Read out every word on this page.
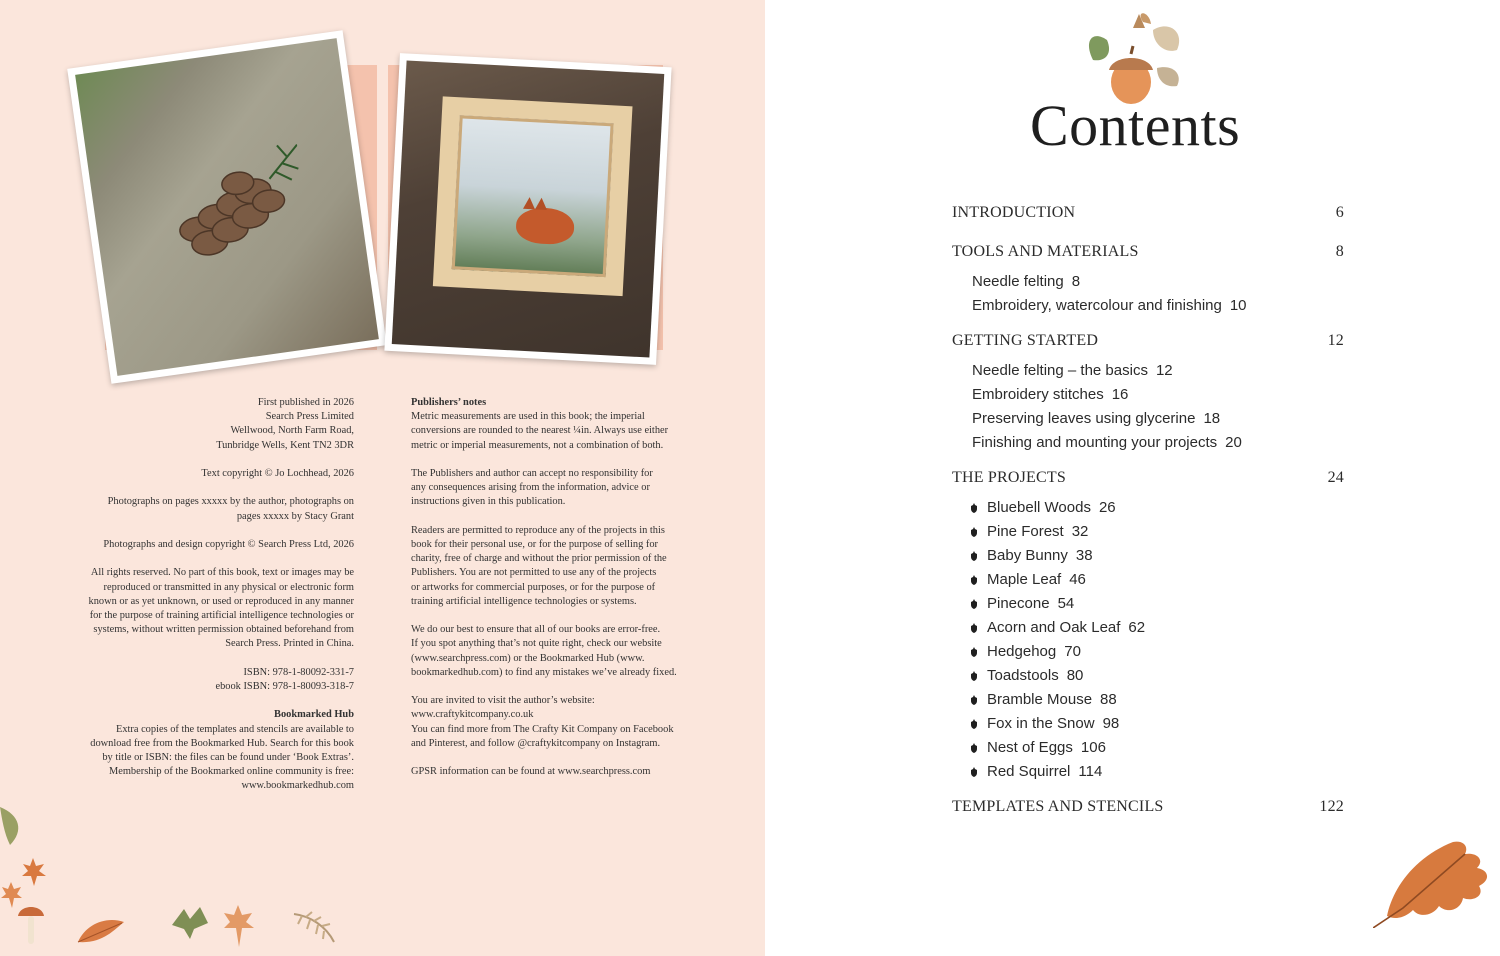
First published in 2026
Search Press Limited
Wellwood, North Farm Road,
Tunbridge Wells, Kent TN2 3DR

Text copyright © Jo Lochhead, 2026

Photographs on pages xxxxx by the author, photographs on
pages xxxxx by Stacy Grant

Photographs and design copyright © Search Press Ltd, 2026

All rights reserved. No part of this book, text or images may be
reproduced or transmitted in any physical or electronic form
known or as yet unknown, or used or reproduced in any manner
for the purpose of training artificial intelligence technologies or
systems, without written permission obtained beforehand from
Search Press. Printed in China.

ISBN: 978-1-80092-331-7
ebook ISBN: 978-1-80093-318-7

Bookmarked Hub

Extra copies of the templates and stencils are available to
download free from the Bookmarked Hub. Search for this book
by title or ISBN: the files can be found under ‘Book Extras’.
Membership of the Bookmarked online community is free:
www.bookmarkedhub.com

Publishers’ notes

Metric measurements are used in this book; the imperial
conversions are rounded to the nearest ¼in. Always use either
metric or imperial measurements, not a combination of both.

The Publishers and author can accept no responsibility for
any consequences arising from the information, advice or
instructions given in this publication.

Readers are permitted to reproduce any of the projects in this
book for their personal use, or for the purpose of selling for
charity, free of charge and without the prior permission of the
Publishers. You are not permitted to use any of the projects
or artworks for commercial purposes, or for the purpose of
training artificial intelligence technologies or systems.

We do our best to ensure that all of our books are error-free.
If you spot anything that’s not quite right, check our website
(www.searchpress.com) or the Bookmarked Hub (www.
bookmarkedhub.com) to find any mistakes we’ve already fixed.

You are invited to visit the author’s website:
www.craftykitcompany.co.uk
You can find more from The Crafty Kit Company on Facebook
and Pinterest, and follow @craftykitcompany on Instagram.

GPSR information can be found at www.searchpress.com

Contents
INTRODUCTION	6
TOOLS AND MATERIALS	8
Needle felting 8
Embroidery, watercolour and finishing 10
GETTING STARTED	12
Needle felting – the basics 12
Embroidery stitches 16
Preserving leaves using glycerine 18
Finishing and mounting your projects 20
THE PROJECTS	24
Bluebell Woods 26
Pine Forest 32
Baby Bunny 38
Maple Leaf 46
Pinecone 54
Acorn and Oak Leaf 62
Hedgehog 70
Toadstools 80
Bramble Mouse 88
Fox in the Snow 98
Nest of Eggs 106
Red Squirrel 114
TEMPLATES AND STENCILS	122
